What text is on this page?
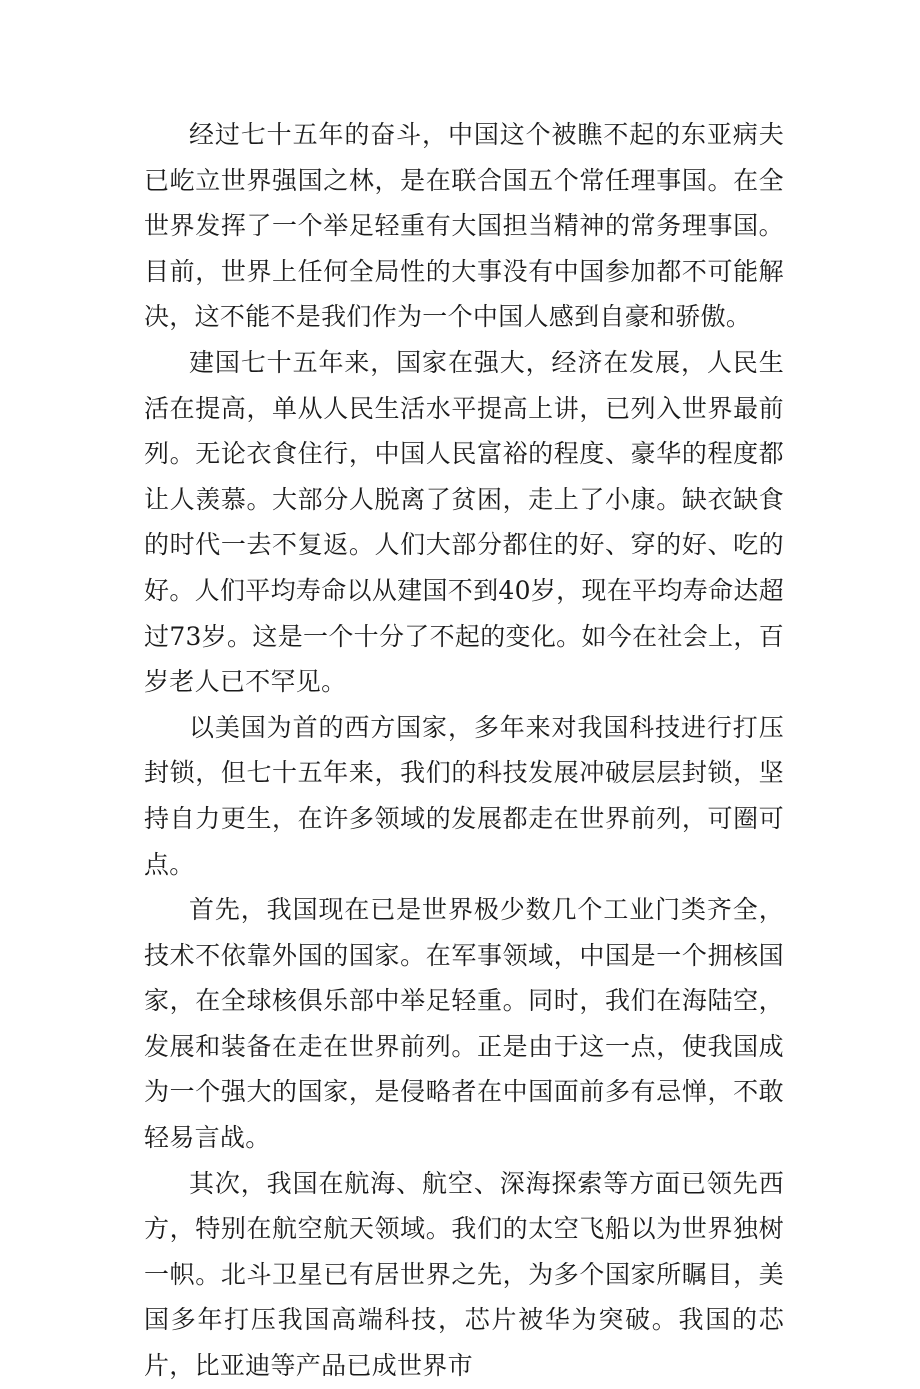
经过七十五年的奋斗，中国这个被瞧不起的东亚病夫已屹立世界强国之林，是在联合国五个常任理事国。在全世界发挥了一个举足轻重有大国担当精神的常务理事国。目前，世界上任何全局性的大事没有中国参加都不可能解决，这不能不是我们作为一个中国人感到自豪和骄傲。

建国七十五年来，国家在强大，经济在发展，人民生活在提高，单从人民生活水平提高上讲，已列入世界最前列。无论衣食住行，中国人民富裕的程度、豪华的程度都让人羡慕。大部分人脱离了贫困，走上了小康。缺衣缺食的时代一去不复返。人们大部分都住的好、穿的好、吃的好。人们平均寿命以从建国不到40岁，现在平均寿命达超过73岁。这是一个十分了不起的变化。如今在社会上，百岁老人已不罕见。

以美国为首的西方国家，多年来对我国科技进行打压封锁，但七十五年来，我们的科技发展冲破层层封锁，坚持自力更生，在许多领域的发展都走在世界前列，可圈可点。

首先，我国现在已是世界极少数几个工业门类齐全，技术不依靠外国的国家。在军事领域，中国是一个拥核国家，在全球核俱乐部中举足轻重。同时，我们在海陆空，发展和装备在走在世界前列。正是由于这一点，使我国成为一个强大的国家，是侵略者在中国面前多有忌惮，不敢轻易言战。

其次，我国在航海、航空、深海探索等方面已领先西方，特别在航空航天领域。我们的太空飞船以为世界独树一帜。北斗卫星已有居世界之先，为多个国家所瞩目，美国多年打压我国高端科技，芯片被华为突破。我国的芯片，比亚迪等产品已成世界市
